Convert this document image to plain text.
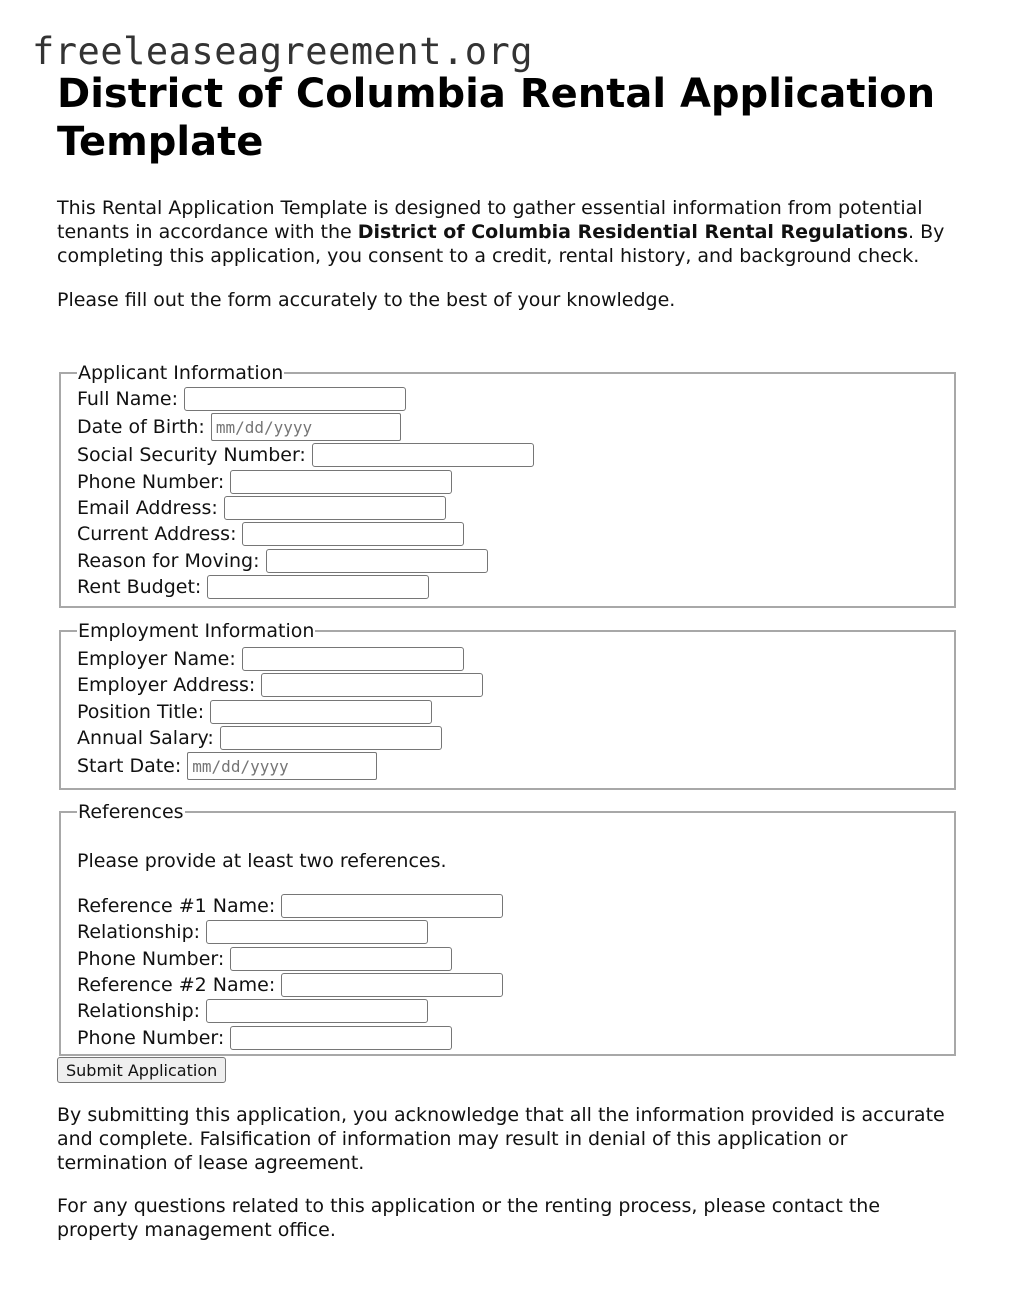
freeleaseagreement.org
District of Columbia Rental Application Template

This Rental Application Template is designed to gather essential information from potential tenants in accordance with the District of Columbia Residential Rental Regulations. By completing this application, you consent to a credit, rental history, and background check.

Please fill out the form accurately to the best of your knowledge.

Applicant Information
Full Name:
Date of Birth:
mm/dd/yyyy
Social Security Number:
Phone Number:
Email Address:
Current Address:
Reason for Moving:
Rent Budget:
Employment Information
Employer Name:
Employer Address:
Position Title:
Annual Salary:
Start Date:
mm/dd/yyyy
References
Please provide at least two references.
Reference #1 Name:
Relationship:
Phone Number:
Reference #2 Name:
Relationship:
Phone Number:
Submit Application

By submitting this application, you acknowledge that all the information provided is accurate and complete. Falsification of information may result in denial of this application or termination of lease agreement.

For any questions related to this application or the renting process, please contact the property management office.
